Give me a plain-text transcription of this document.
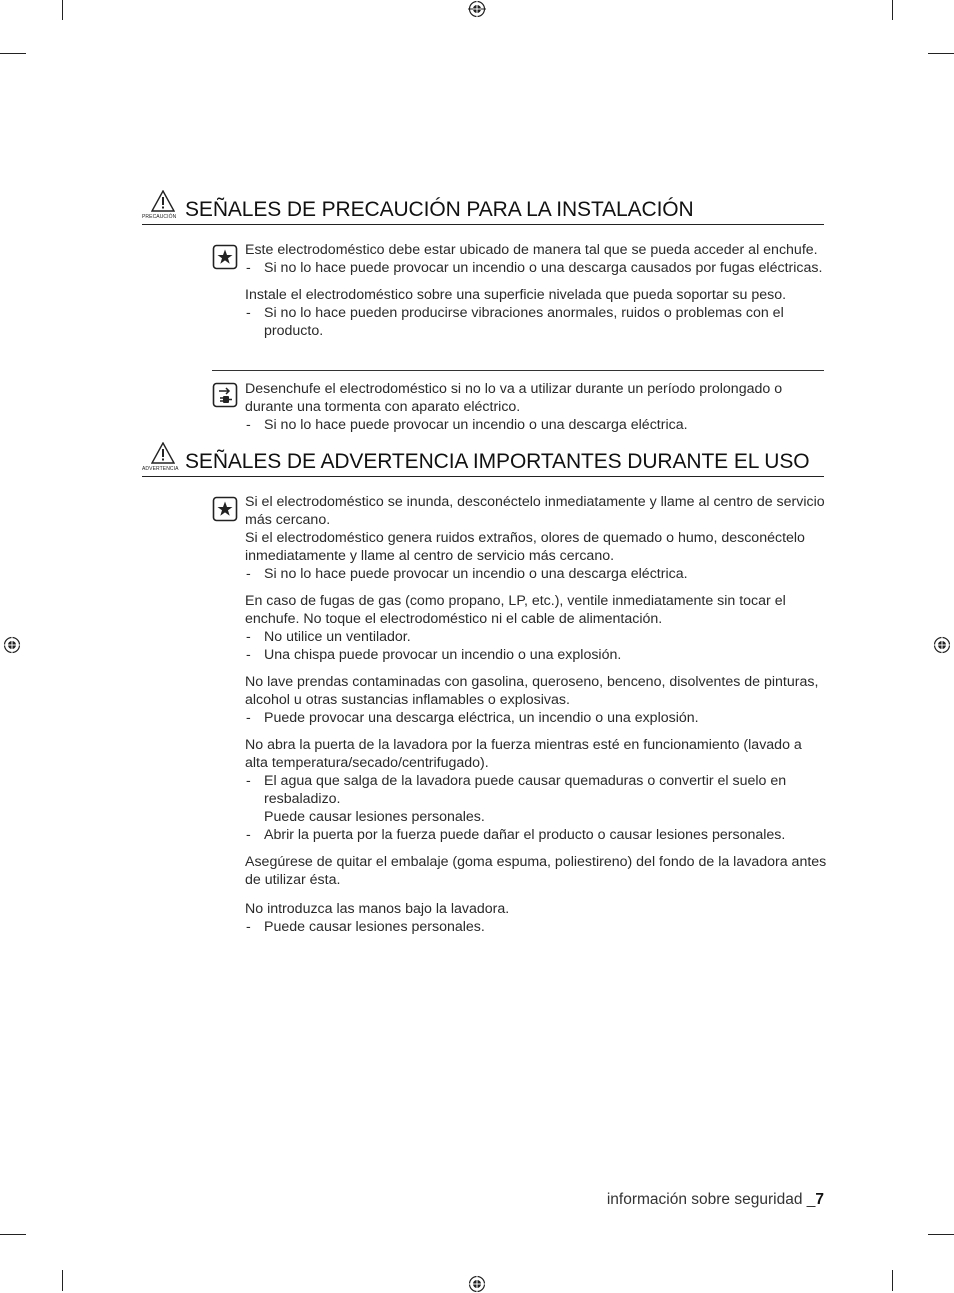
PRECAUCIÓN SEÑALES DE PRECAUCIÓN PARA LA INSTALACIÓN

Este electrodoméstico debe estar ubicado de manera tal que se pueda acceder al enchufe.

- Si no lo hace puede provocar un incendio o una descarga causados por fugas eléctricas.

Instale el electrodoméstico sobre una superficie nivelada que pueda soportar su peso.

- Si no lo hace pueden producirse vibraciones anormales, ruidos o problemas con el producto.

Desenchufe el electrodoméstico si no lo va a utilizar durante un período prolongado o durante una tormenta con aparato eléctrico.

- Si no lo hace puede provocar un incendio o una descarga eléctrica.

ADVERTENCIA SEÑALES DE ADVERTENCIA IMPORTANTES DURANTE EL USO

Si el electrodoméstico se inunda, desconéctelo inmediatamente y llame al centro de servicio más cercano.

Si el electrodoméstico genera ruidos extraños, olores de quemado o humo, desconéctelo inmediatamente y llame al centro de servicio más cercano.

- Si no lo hace puede provocar un incendio o una descarga eléctrica.

En caso de fugas de gas (como propano, LP, etc.), ventile inmediatamente sin tocar el enchufe. No toque el electrodoméstico ni el cable de alimentación.

- No utilice un ventilador.

- Una chispa puede provocar un incendio o una explosión.

No lave prendas contaminadas con gasolina, queroseno, benceno, disolventes de pinturas, alcohol u otras sustancias inflamables o explosivas.

- Puede provocar una descarga eléctrica, un incendio o una explosión.

No abra la puerta de la lavadora por la fuerza mientras esté en funcionamiento (lavado a alta temperatura/secado/centrifugado).

- El agua que salga de la lavadora puede causar quemaduras o convertir el suelo en resbaladizo.
Puede causar lesiones personales.

- Abrir la puerta por la fuerza puede dañar el producto o causar lesiones personales.

Asegúrese de quitar el embalaje (goma espuma, poliestireno) del fondo de la lavadora antes de utilizar ésta.

No introduzca las manos bajo la lavadora.

- Puede causar lesiones personales.

información sobre seguridad _7
